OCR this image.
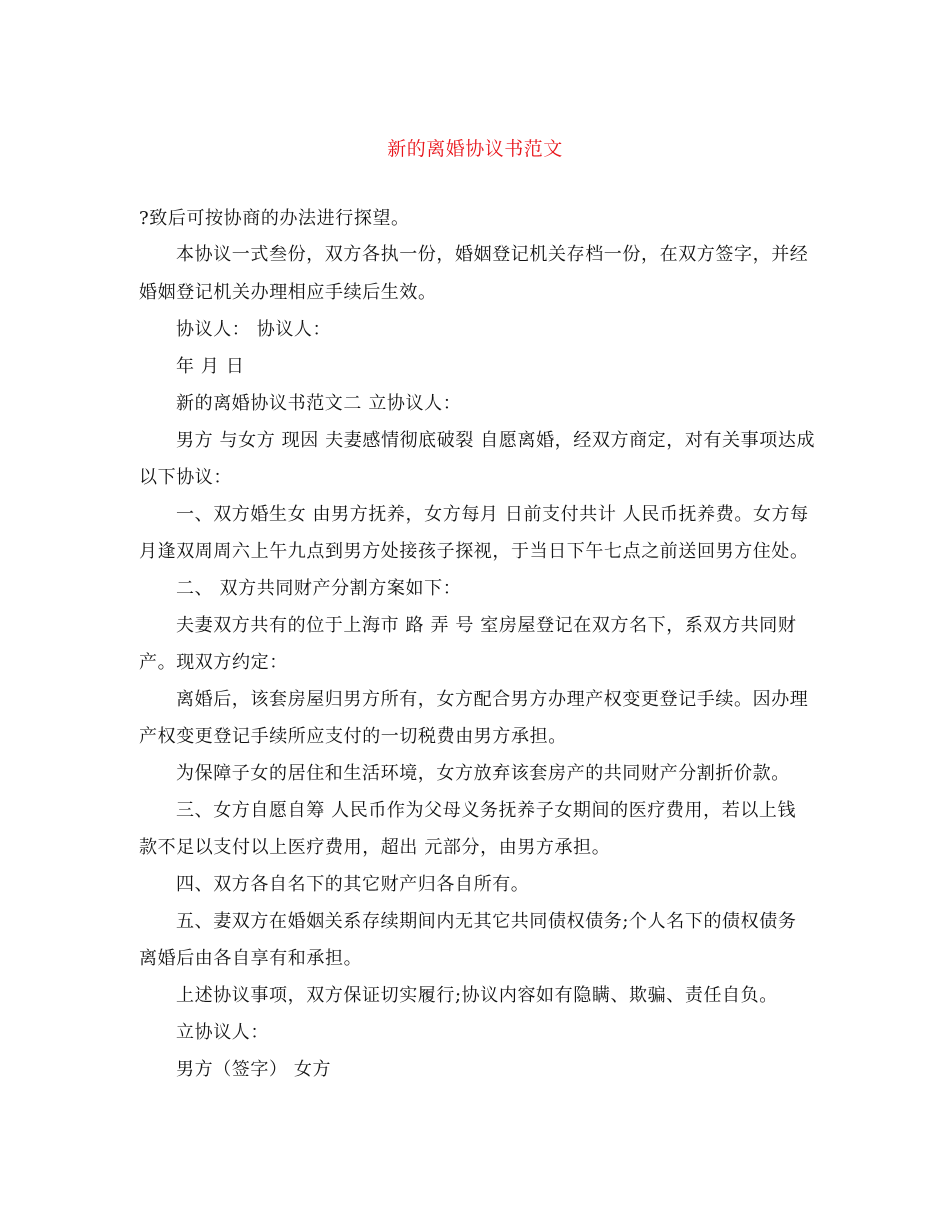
新的离婚协议书范文
?致后可按协商的办法进行探望。
本协议一式叁份，双方各执一份，婚姻登记机关存档一份，在双方签字，并经
婚姻登记机关办理相应手续后生效。
协议人： 协议人：
年 月 日
新的离婚协议书范文二 立协议人：
男方 与女方 现因 夫妻感情彻底破裂 自愿离婚，经双方商定，对有关事项达成
以下协议：
一、双方婚生女 由男方抚养，女方每月 日前支付共计 人民币抚养费。女方每
月逢双周周六上午九点到男方处接孩子探视，于当日下午七点之前送回男方住处。
二、 双方共同财产分割方案如下：
夫妻双方共有的位于上海市 路 弄 号 室房屋登记在双方名下，系双方共同财
产。现双方约定：
离婚后，该套房屋归男方所有，女方配合男方办理产权变更登记手续。因办理
产权变更登记手续所应支付的一切税费由男方承担。
为保障子女的居住和生活环境，女方放弃该套房产的共同财产分割折价款。
三、女方自愿自筹 人民币作为父母义务抚养子女期间的医疗费用，若以上钱
款不足以支付以上医疗费用，超出 元部分，由男方承担。
四、双方各自名下的其它财产归各自所有。
五、妻双方在婚姻关系存续期间内无其它共同债权债务;个人名下的债权债务
离婚后由各自享有和承担。
上述协议事项，双方保证切实履行;协议内容如有隐瞒、欺骗、责任自负。
立协议人：
男方（签字） 女方
